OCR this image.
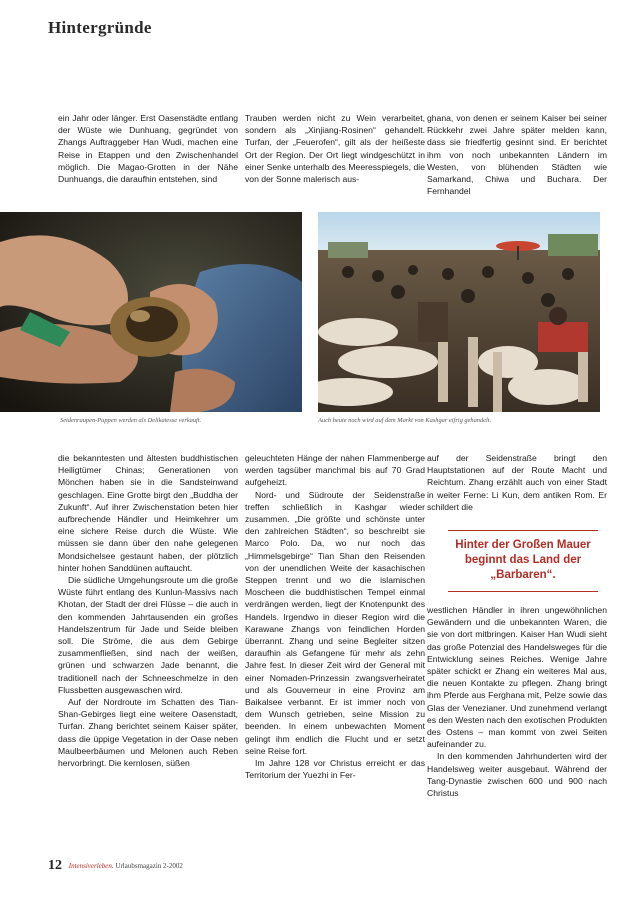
Hintergründe

ein Jahr oder länger. Erst Oasenstädte entlang der Wüste wie Dunhuang, gegründet von Zhangs Auftraggeber Han Wudi, machen eine Reise in Etappen und den Zwischenhandel möglich. Die Magao-Grotten in der Nähe Dunhuangs, die daraufhin entstehen, sind

Trauben werden nicht zu Wein verarbeitet, sondern als „Xinjiang-Rosinen“ gehandelt. Turfan, der „Feuerofen“, gilt als der heißeste Ort der Region. Der Ort liegt windgeschützt in einer Senke unterhalb des Meeresspiegels, die von der Sonne malerisch aus-

ghana, von denen er seinem Kaiser bei seiner Rückkehr zwei Jahre später melden kann, dass sie friedfertig gesinnt sind. Er berichtet ihm von noch unbekannten Ländern im Westen, von blühenden Städten wie Samarkand, Chiwa und Buchara. Der Fernhandel

Seidenraupen-Puppen werden als Delikatesse verkauft.	Auch heute noch wird auf dem Markt von Kashgar eifrig gehandelt.

die bekanntesten und ältesten buddhistischen Heiligtümer Chinas; Generationen von Mönchen haben sie in die Sandsteinwand geschlagen. Eine Grotte birgt den „Buddha der Zukunft“. Auf ihrer Zwischenstation beten hier aufbrechende Händler und Heimkehrer um eine sichere Reise durch die Wüste. Wie müssen sie dann über den nahe gelegenen Mondsichelsee gestaunt haben, der plötzlich hinter hohen Sanddünen auftaucht.

Die südliche Umgehungsroute um die große Wüste führt entlang des Kunlun-Massivs nach Khotan, der Stadt der drei Flüsse – die auch in den kommenden Jahrtausenden ein großes Handelszentrum für Jade und Seide bleiben soll. Die Ströme, die aus dem Gebirge zusammenfließen, sind nach der weißen, grünen und schwarzen Jade benannt, die traditionell nach der Schneeschmelze in den Flussbetten ausgewaschen wird.

Auf der Nordroute im Schatten des Tian-Shan-Gebirges liegt eine weitere Oasenstadt, Turfan. Zhang berichtet seinem Kaiser später, dass die üppige Vegetation in der Oase neben Maulbeerbäumen und Melonen auch Reben hervorbringt. Die kernlosen, süßen

geleuchteten Hänge der nahen Flammenberge werden tagsüber manchmal bis auf 70 Grad aufgeheizt.

Nord- und Südroute der Seidenstraße treffen schließlich in Kashgar wieder zusammen. „Die größte und schönste unter den zahlreichen Städten“, so beschreibt sie Marco Polo. Da, wo nur noch das „Himmelsgebirge“ Tian Shan den Reisenden von der unendlichen Weite der kasachischen Steppen trennt und wo die islamischen Moscheen die buddhistischen Tempel einmal verdrängen werden, liegt der Knotenpunkt des Handels. Irgendwo in dieser Region wird die Karawane Zhangs von feindlichen Horden überrannt. Zhang und seine Begleiter sitzen daraufhin als Gefangene für mehr als zehn Jahre fest. In dieser Zeit wird der General mit einer Nomaden-Prinzessin zwangsverheiratet und als Gouverneur in eine Provinz am Baikalsee verbannt. Er ist immer noch von dem Wunsch getrieben, seine Mission zu beenden. In einem unbewachten Moment gelingt ihm endlich die Flucht und er setzt seine Reise fort.

Im Jahre 128 vor Christus erreicht er das Territorium der Yuezhi in Fer-

auf der Seidenstraße bringt den Hauptstationen auf der Route Macht und Reichtum. Zhang erzählt auch von einer Stadt in weiter Ferne: Li Kun, dem antiken Rom. Er schildert die

Hinter der Großen Mauer beginnt das Land der „Barbaren“.

westlichen Händler in ihren ungewöhnlichen Gewändern und die unbekannten Waren, die sie von dort mitbringen. Kaiser Han Wudi sieht das große Potenzial des Handelsweges für die Entwicklung seines Reiches. Wenige Jahre später schickt er Zhang ein weiteres Mal aus, die neuen Kontakte zu pflegen. Zhang bringt ihm Pferde aus Ferghana mit, Pelze sowie das Glas der Venezianer. Und zunehmend verlangt es den Westen nach den exotischen Produkten des Ostens – man kommt von zwei Seiten aufeinander zu.

In den kommenden Jahrhunderten wird der Handelsweg weiter ausgebaut. Während der Tang-Dynastie zwischen 600 und 900 nach Christus

12 Intensiverleben. Urlaubsmagazin 2-2002
